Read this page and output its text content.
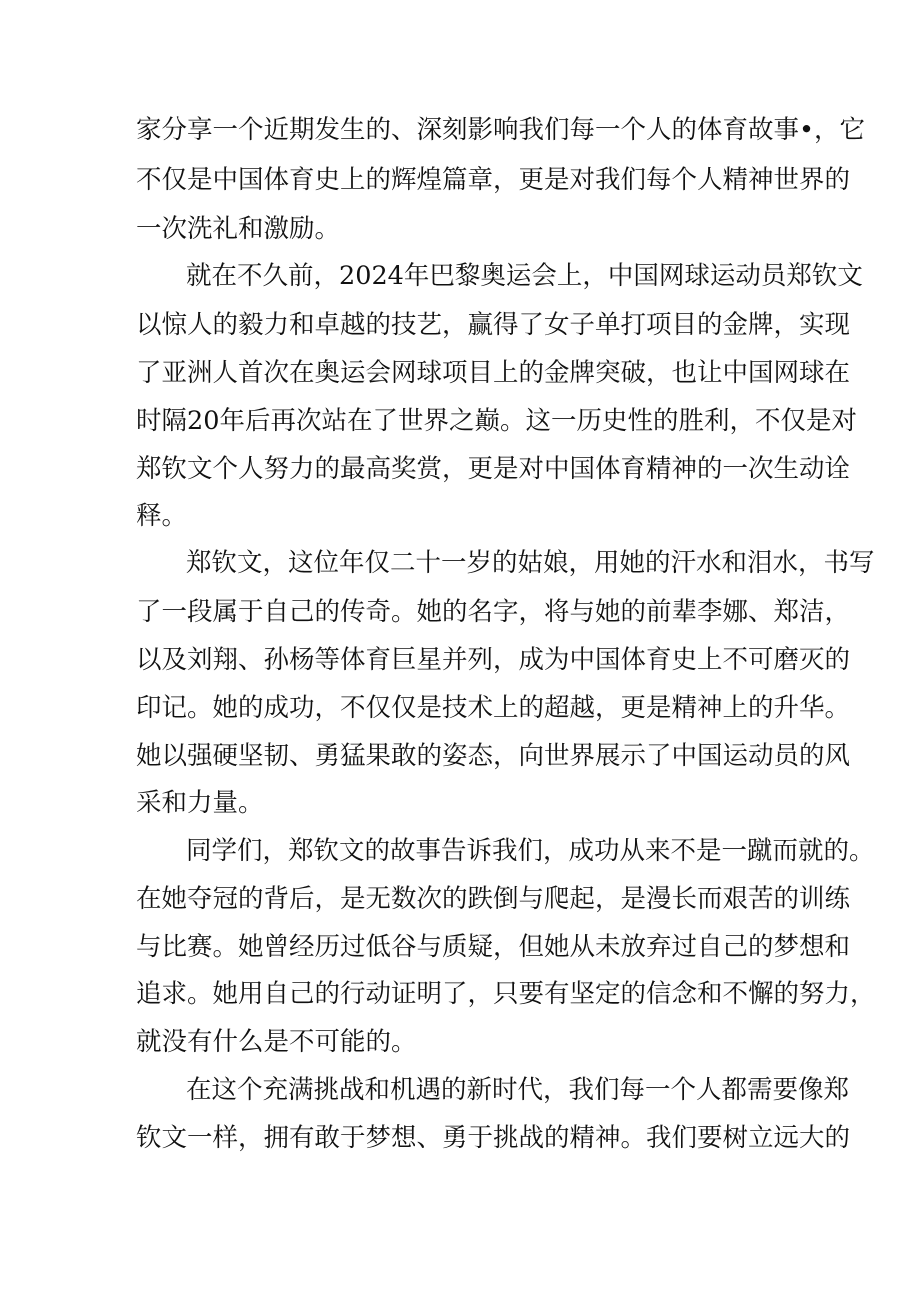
家分享一个近期发生的、深刻影响我们每一个人的体育故事•，它
不仅是中国体育史上的辉煌篇章，更是对我们每个人精神世界的
一次洗礼和激励。
就在不久前，2024年巴黎奥运会上，中国网球运动员郑钦文
以惊人的毅力和卓越的技艺，赢得了女子单打项目的金牌，实现
了亚洲人首次在奥运会网球项目上的金牌突破，也让中国网球在
时隔20年后再次站在了世界之巅。这一历史性的胜利，不仅是对
郑钦文个人努力的最高奖赏，更是对中国体育精神的一次生动诠
释。
郑钦文，这位年仅二十一岁的姑娘，用她的汗水和泪水，书写
了一段属于自己的传奇。她的名字，将与她的前辈李娜、郑洁，
以及刘翔、孙杨等体育巨星并列，成为中国体育史上不可磨灭的
印记。她的成功，不仅仅是技术上的超越，更是精神上的升华。
她以强硬坚韧、勇猛果敢的姿态，向世界展示了中国运动员的风
采和力量。
同学们，郑钦文的故事告诉我们，成功从来不是一蹴而就的。
在她夺冠的背后，是无数次的跌倒与爬起，是漫长而艰苦的训练
与比赛。她曾经历过低谷与质疑，但她从未放弃过自己的梦想和
追求。她用自己的行动证明了，只要有坚定的信念和不懈的努力，
就没有什么是不可能的。
在这个充满挑战和机遇的新时代，我们每一个人都需要像郑
钦文一样，拥有敢于梦想、勇于挑战的精神。我们要树立远大的
